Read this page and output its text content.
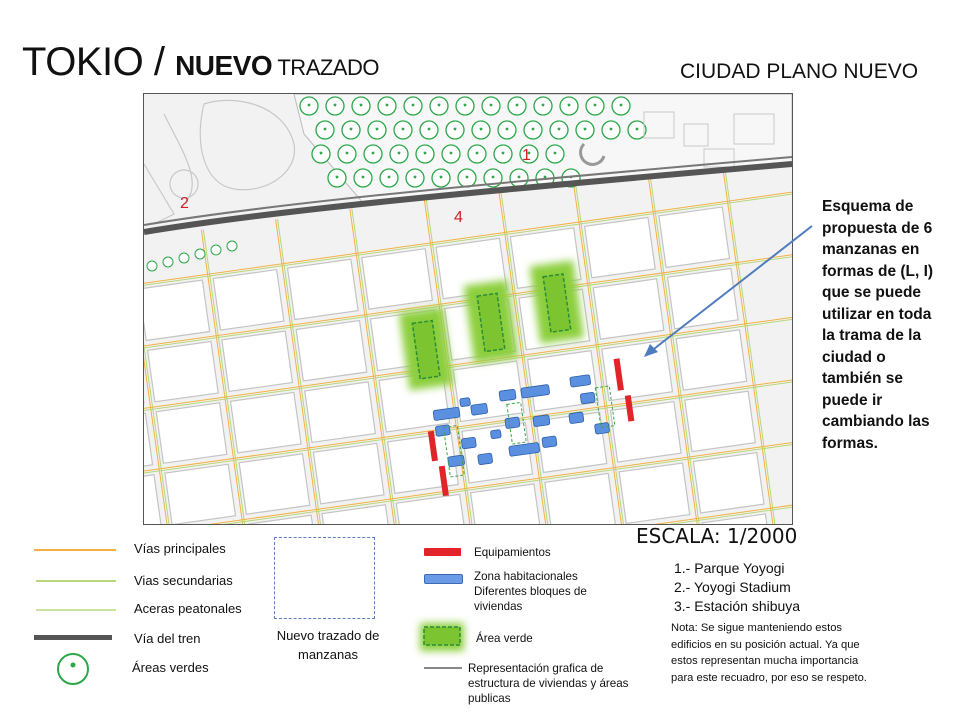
TOKIO / NUEVO TRAZADO	CIUDAD PLANO NUEVO
1
2
4
Esquema de propuesta de 6 manzanas en formas de (L, I) que se puede utilizar en toda la trama de la ciudad o también se puede ir cambiando las formas.
ESCALA: 1/2000
1.- Parque Yoyogi
2.- Yoyogi Stadium
3.- Estación shibuya
Nota: Se sigue manteniendo estos edificios en su posición actual. Ya que estos representan mucha importancia para este recuadro, por eso se respeto.
Vías principales
Vias secundarias
Aceras peatonales
Vía del tren
Áreas verdes
Nuevo trazado de manzanas
Equipamientos
Zona habitacionales Diferentes bloques de viviendas
Área verde
Representación grafica de estructura de viviendas y áreas publicas
